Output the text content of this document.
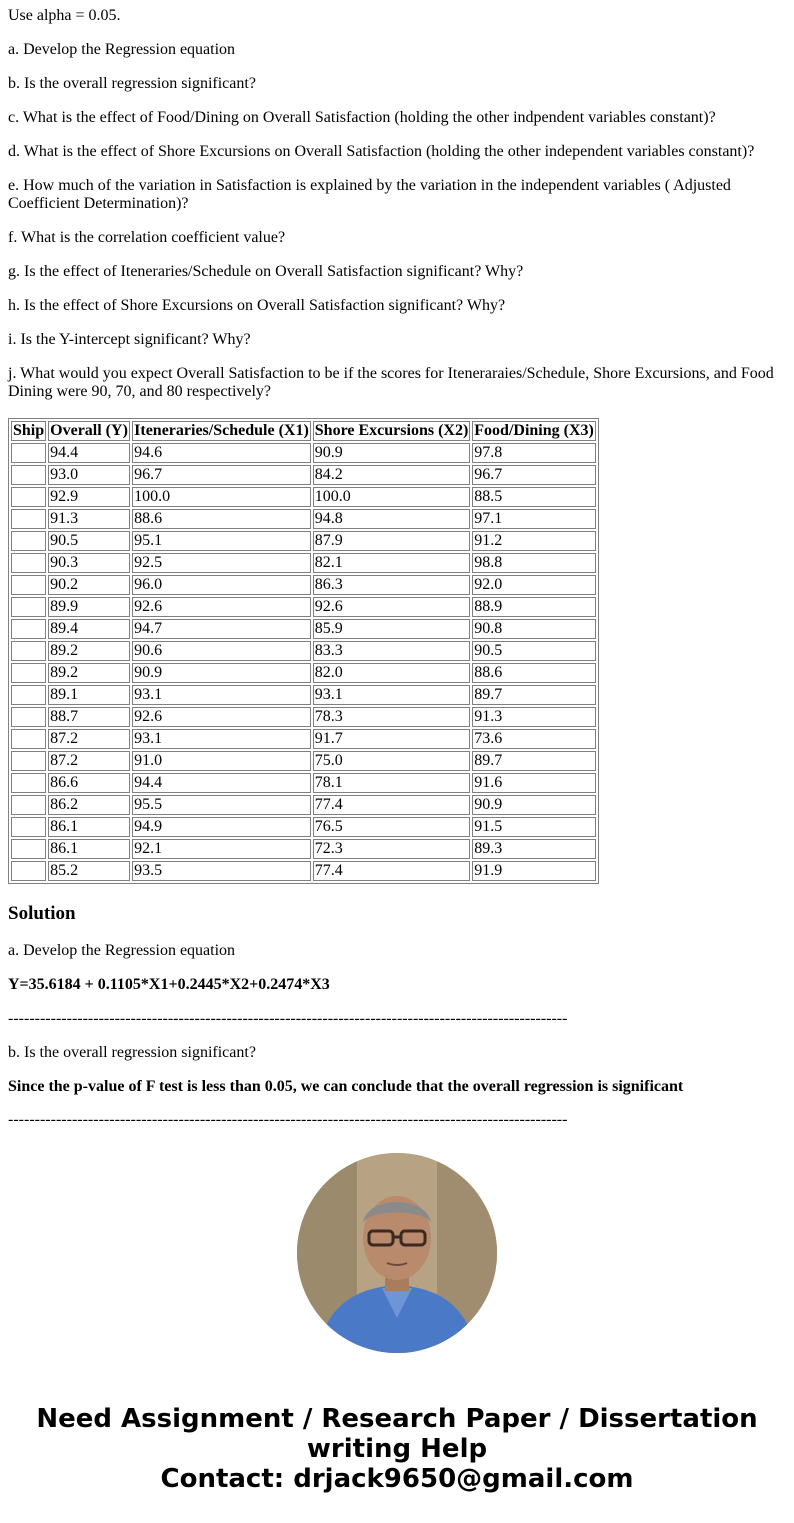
Use alpha = 0.05.

a. Develop the Regression equation

b. Is the overall regression significant?

c. What is the effect of Food/Dining on Overall Satisfaction (holding the other indpendent variables constant)?

d. What is the effect of Shore Excursions on Overall Satisfaction (holding the other independent variables constant)?

e. How much of the variation in Satisfaction is explained by the variation in the independent variables ( Adjusted Coefficient Determination)?

f. What is the correlation coefficient value?

g. Is the effect of Iteneraries/Schedule on Overall Satisfaction significant? Why?

h. Is the effect of Shore Excursions on Overall Satisfaction significant? Why?

i. Is the Y-intercept significant? Why?

j. What would you expect Overall Satisfaction to be if the scores for Iteneraraies/Schedule, Shore Excursions, and Food Dining were 90, 70, and 80 respectively?

Ship	Overall (Y)	Iteneraries/Schedule (X1)	Shore Excursions (X2)	Food/Dining (X3)
	94.4	94.6	90.9	97.8
	93.0	96.7	84.2	96.7
	92.9	100.0	100.0	88.5
	91.3	88.6	94.8	97.1
	90.5	95.1	87.9	91.2
	90.3	92.5	82.1	98.8
	90.2	96.0	86.3	92.0
	89.9	92.6	92.6	88.9
	89.4	94.7	85.9	90.8
	89.2	90.6	83.3	90.5
	89.2	90.9	82.0	88.6
	89.1	93.1	93.1	89.7
	88.7	92.6	78.3	91.3
	87.2	93.1	91.7	73.6
	87.2	91.0	75.0	89.7
	86.6	94.4	78.1	91.6
	86.2	95.5	77.4	90.9
	86.1	94.9	76.5	91.5
	86.1	92.1	72.3	89.3
	85.2	93.5	77.4	91.9
Solution

a. Develop the Regression equation

Y=35.6184 + 0.1105*X1+0.2445*X2+0.2474*X3

---------------------------------------------------------------------------------------------------------

b. Is the overall regression significant?

Since the p-value of F test is less than 0.05, we can conclude that the overall regression is significant

---------------------------------------------------------------------------------------------------------

Need Assignment / Research Paper / Dissertation
writing Help
Contact: drjack9650@gmail.com
